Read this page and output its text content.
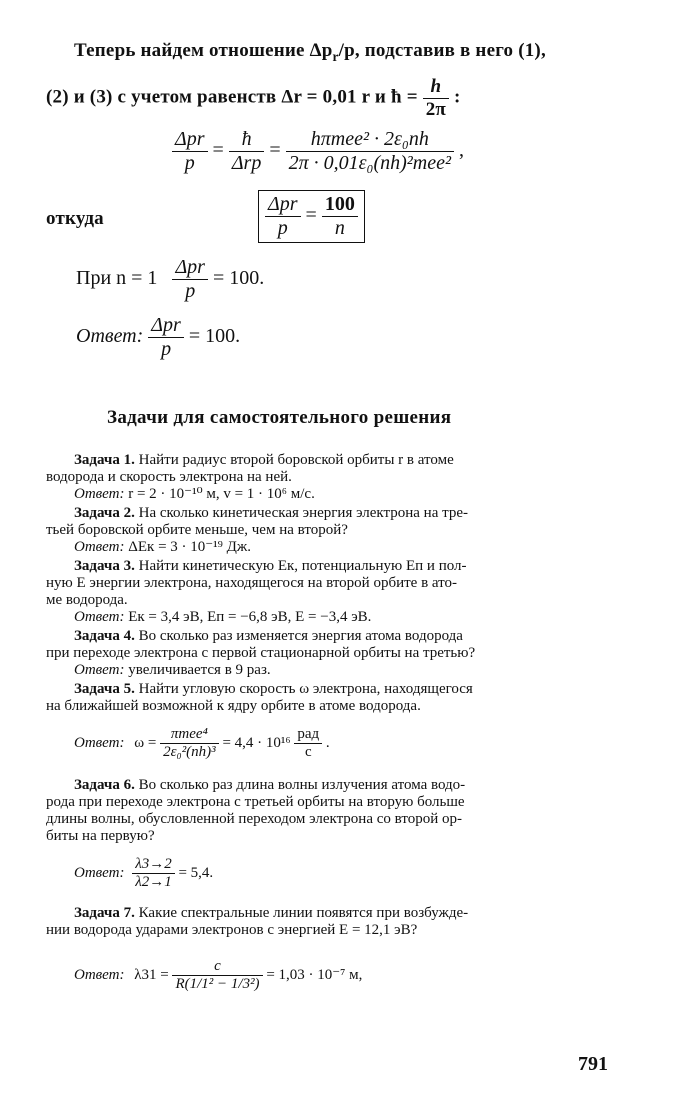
Теперь найдем отношение $\Delta p_r/p$, подставив в него (1),
(2) и (3) с учетом равенств Δr = 0,01 r и ħ = $\frac{h}{2\pi}$ :
$\frac{\text{Δpr}}{p} = \frac{ħ}{\text{Δrp}} = \frac{\text{hπmee² · 2ε₀nh}}{\text{2π · 0,01ε₀(nh)²mee²}}$ ,
откуда	$\frac{\text{Δpr}}{p} = \frac{100}{n}$
При $n = 1 \frac{\text{Δpr}}{p} = 100$.
Ответ: $\frac{\text{Δpr}}{p} = 100$.
Задачи для самостоятельного решения
Задача 1. Найти радиус второй боровской орбиты r в атоме
водорода и скорость электрона на ней.
Ответ: r = 2 · 10⁻¹⁰ м, v = 1 · 10⁶ м/с.
Задача 2. На сколько кинетическая энергия электрона на тре-
тьей боровской орбите меньше, чем на второй?
Ответ: ΔEк = 3 · 10⁻¹⁹ Дж.
Задача 3. Найти кинетическую Eк, потенциальную Eп и пол-
ную E энергии электрона, находящегося на второй орбите в ато-
ме водорода.
Ответ: Eк = 3,4 эВ, Eп = −6,8 эВ, E = −3,4 эВ.
Задача 4. Во сколько раз изменяется энергия атома водорода
при переходе электрона с первой стационарной орбиты на третью?
Ответ: увеличивается в 9 раз.
Задача 5. Найти угловую скорость ω электрона, находящегося
на ближайшей возможной к ядру орбите в атоме водорода.
Ответ: $\omega = \frac{\text{πmee⁴}}{\text{2ε₀²(nh)³}} = 4,4 \cdot 10^{16} \frac{\text{рад}}{с}$ .
Задача 6. Во сколько раз длина волны излучения атома водо-
рода при переходе электрона с третьей орбиты на вторую больше
длины волны, обусловленной переходом электрона со второй ор-
биты на первую?
Ответ: $\frac{\lambda 3\to 2}{\lambda 2\to 1} = 5,4$.
Задача 7. Какие спектральные линии появятся при возбужде-
нии водорода ударами электронов с энергией E = 12,1 эВ?
Ответ: $\lambda 31 = \frac{c}{\text{R(1/1² − 1/3²)}} = 1,03 \cdot 10^{-7}$ м,
791
